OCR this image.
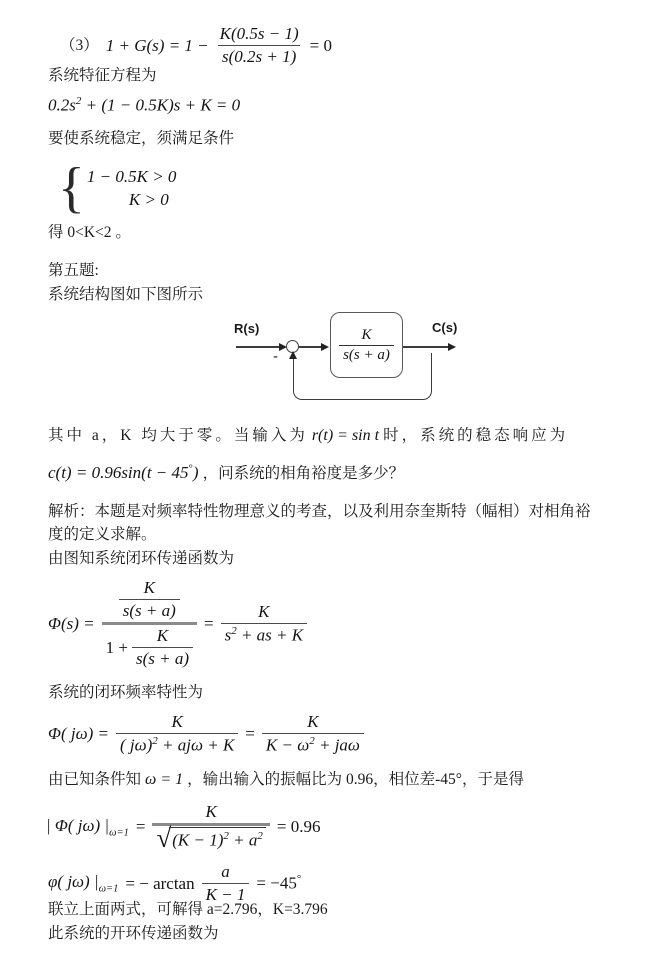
（3） $1 + G(s) = 1 - \frac{K(0.5s - 1)}{s(0.2s + 1)} = 0$
系统特征方程为
$0.2s^2 + (1 - 0.5K)s + K = 0$
要使系统稳定，须满足条件
{ 1 − 0.5K > 0
K > 0
得 0<K<2 。
第五题:
系统结构图如下图所示
R(s)
-	$\frac{K}{s(s + a)}$	C(s)
其中 a，K 均大于零。当输入为 r(t) = sin t 时，系统的稳态响应为
c(t) = 0.96sin(t − 45°) ，问系统的相角裕度是多少？
解析：本题是对频率特性物理意义的考查，以及利用奈奎斯特（幅相）对相角裕
度的定义求解。
由图知系统闭环传递函数为
$\Phi(s) = \frac{\frac{K}{s(s + a)}}{1 + \frac{K}{s(s + a)}} = \frac{K}{s^2 + as + K}$
系统的闭环频率特性为
Φ( $j\omega) = \frac{K}{( j\omega)^2 + aj\omega + K} = \frac{K}{K - \omega^2 + ja\omega}$
由已知条件知 ω = 1 ，输出输入的振幅比为 0.96，相位差-45°，于是得
| Φ( jω) $|_{\omega=1} = \frac{K}{√ (K - 1)^2 + a^2} = 0.96$
φ( jω) $|_{\omega=1}$ = − $\arctan \frac{a}{K - 1} = -45^\circ$
联立上面两式，可解得 a=2.796，K=3.796
此系统的开环传递函数为
